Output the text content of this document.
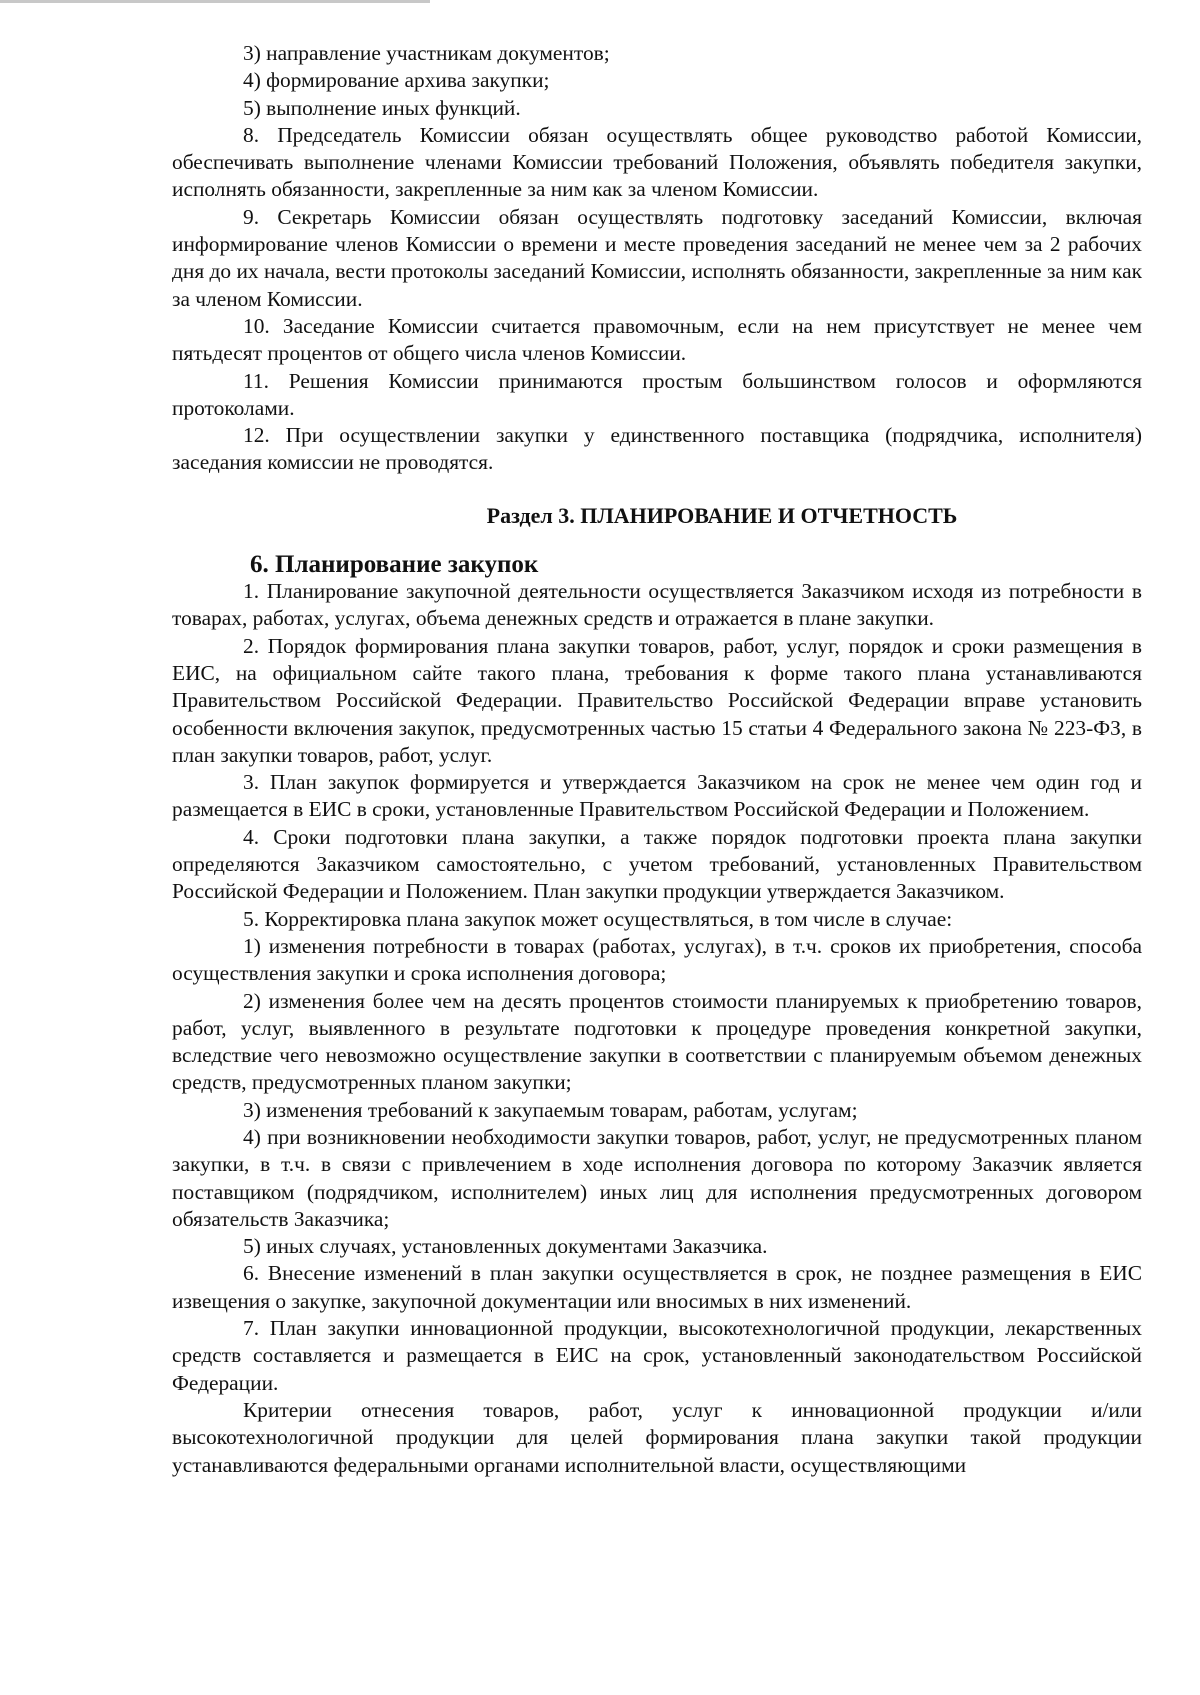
3) направление участникам документов;

4) формирование архива закупки;

5) выполнение иных функций.

8. Председатель Комиссии обязан осуществлять общее руководство работой Комиссии, обеспечивать выполнение членами Комиссии требований Положения, объявлять победителя закупки, исполнять обязанности, закрепленные за ним как за членом Комиссии.

9. Секретарь Комиссии обязан осуществлять подготовку заседаний Комиссии, включая информирование членов Комиссии о времени и месте проведения заседаний не менее чем за 2 рабочих дня до их начала, вести протоколы заседаний Комиссии, исполнять обязанности, закрепленные за ним как за членом Комиссии.

10. Заседание Комиссии считается правомочным, если на нем присутствует не менее чем пятьдесят процентов от общего числа членов Комиссии.

11. Решения Комиссии принимаются простым большинством голосов и оформляются протоколами.

12. При осуществлении закупки у единственного поставщика (подрядчика, исполнителя) заседания комиссии не проводятся.

Раздел 3. ПЛАНИРОВАНИЕ И ОТЧЕТНОСТЬ
6. Планирование закупок

1. Планирование закупочной деятельности осуществляется Заказчиком исходя из потребности в товарах, работах, услугах, объема денежных средств и отражается в плане закупки.

2. Порядок формирования плана закупки товаров, работ, услуг, порядок и сроки размещения в ЕИС, на официальном сайте такого плана, требования к форме такого плана устанавливаются Правительством Российской Федерации. Правительство Российской Федерации вправе установить особенности включения закупок, предусмотренных частью 15 статьи 4 Федерального закона № 223-ФЗ, в план закупки товаров, работ, услуг.

3. План закупок формируется и утверждается Заказчиком на срок не менее чем один год и размещается в ЕИС в сроки, установленные Правительством Российской Федерации и Положением.

4. Сроки подготовки плана закупки, а также порядок подготовки проекта плана закупки определяются Заказчиком самостоятельно, с учетом требований, установленных Правительством Российской Федерации и Положением. План закупки продукции утверждается Заказчиком.

5. Корректировка плана закупок может осуществляться, в том числе в случае:

1) изменения потребности в товарах (работах, услугах), в т.ч. сроков их приобретения, способа осуществления закупки и срока исполнения договора;

2) изменения более чем на десять процентов стоимости планируемых к приобретению товаров, работ, услуг, выявленного в результате подготовки к процедуре проведения конкретной закупки, вследствие чего невозможно осуществление закупки в соответствии с планируемым объемом денежных средств, предусмотренных планом закупки;

3) изменения требований к закупаемым товарам, работам, услугам;

4) при возникновении необходимости закупки товаров, работ, услуг, не предусмотренных планом закупки, в т.ч. в связи с привлечением в ходе исполнения договора по которому Заказчик является поставщиком (подрядчиком, исполнителем) иных лиц для исполнения предусмотренных договором обязательств Заказчика;

5) иных случаях, установленных документами Заказчика.

6. Внесение изменений в план закупки осуществляется в срок, не позднее размещения в ЕИС извещения о закупке, закупочной документации или вносимых в них изменений.

7. План закупки инновационной продукции, высокотехнологичной продукции, лекарственных средств составляется и размещается в ЕИС на срок, установленный законодательством Российской Федерации.

Критерии отнесения товаров, работ, услуг к инновационной продукции и/или высокотехнологичной продукции для целей формирования плана закупки такой продукции устанавливаются федеральными органами исполнительной власти, осуществляющими
